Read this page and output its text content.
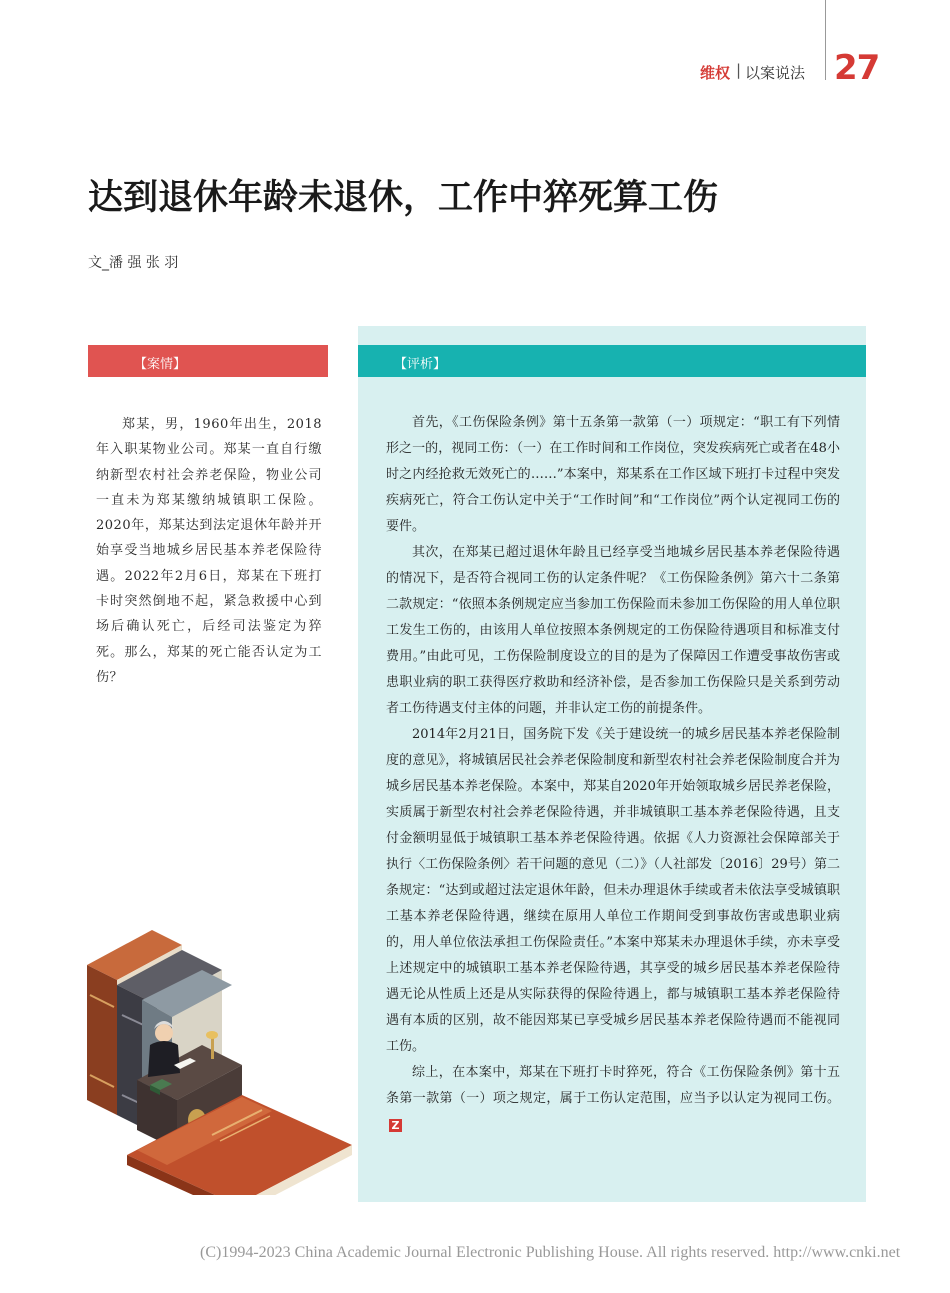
维权 | 以案说法 27
达到退休年龄未退休，工作中猝死算工伤
文_潘 强 张 羽
【案情】	【评析】

郑某，男，1960年出生，2018年入职某物业公司。郑某一直自行缴纳新型农村社会养老保险，物业公司一直未为郑某缴纳城镇职工保险。2020年，郑某达到法定退休年龄并开始享受当地城乡居民基本养老保险待遇。2022年2月6日，郑某在下班打卡时突然倒地不起，紧急救援中心到场后确认死亡，后经司法鉴定为猝死。那么，郑某的死亡能否认定为工伤？

首先，《工伤保险条例》第十五条第一款第（一）项规定：“职工有下列情形之一的，视同工伤：（一）在工作时间和工作岗位，突发疾病死亡或者在48小时之内经抢救无效死亡的……”本案中，郑某系在工作区域下班打卡过程中突发疾病死亡，符合工伤认定中关于“工作时间”和“工作岗位”两个认定视同工伤的要件。

其次，在郑某已超过退休年龄且已经享受当地城乡居民基本养老保险待遇的情况下，是否符合视同工伤的认定条件呢？《工伤保险条例》第六十二条第二款规定：“依照本条例规定应当参加工伤保险而未参加工伤保险的用人单位职工发生工伤的，由该用人单位按照本条例规定的工伤保险待遇项目和标准支付费用。”由此可见，工伤保险制度设立的目的是为了保障因工作遭受事故伤害或患职业病的职工获得医疗救助和经济补偿，是否参加工伤保险只是关系到劳动者工伤待遇支付主体的问题，并非认定工伤的前提条件。

2014年2月21日，国务院下发《关于建设统一的城乡居民基本养老保险制度的意见》，将城镇居民社会养老保险制度和新型农村社会养老保险制度合并为城乡居民基本养老保险。本案中，郑某自2020年开始领取城乡居民养老保险，实质属于新型农村社会养老保险待遇，并非城镇职工基本养老保险待遇，且支付金额明显低于城镇职工基本养老保险待遇。依据《人力资源社会保障部关于执行〈工伤保险条例〉若干问题的意见（二）》（人社部发〔2016〕29号）第二条规定：“达到或超过法定退休年龄，但未办理退休手续或者未依法享受城镇职工基本养老保险待遇，继续在原用人单位工作期间受到事故伤害或患职业病的，用人单位依法承担工伤保险责任。”本案中郑某未办理退休手续，亦未享受上述规定中的城镇职工基本养老保险待遇，其享受的城乡居民基本养老保险待遇无论从性质上还是从实际获得的保险待遇上，都与城镇职工基本养老保险待遇有本质的区别，故不能因郑某已享受城乡居民基本养老保险待遇而不能视同工伤。

综上，在本案中，郑某在下班打卡时猝死，符合《工伤保险条例》第十五条第一款第（一）项之规定，属于工伤认定范围，应当予以认定为视同工伤。Z

(C)1994-2023 China Academic Journal Electronic Publishing House. All rights reserved. http://www.cnki.net
